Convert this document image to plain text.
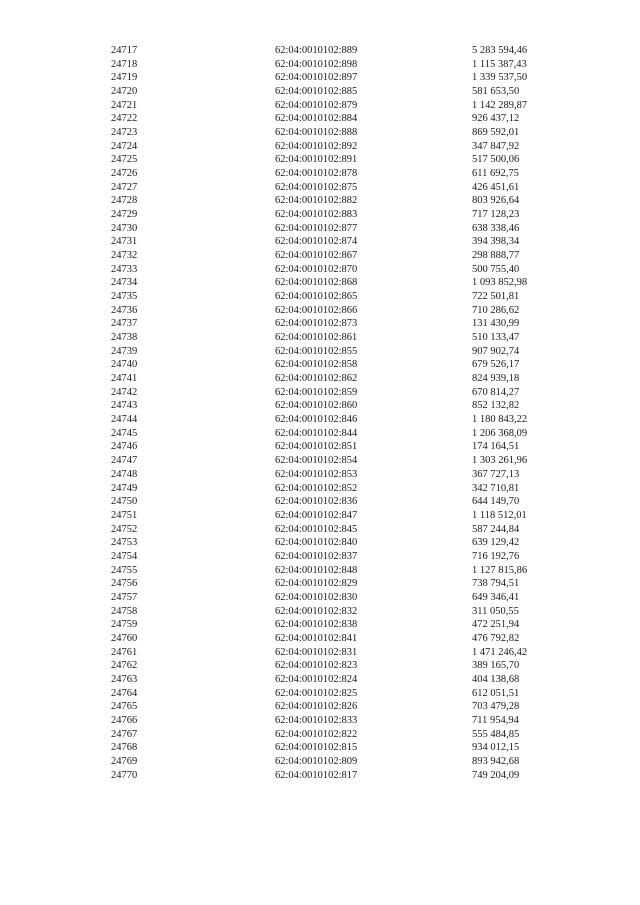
24717	62:04:0010102:889	5 283 594,46
24718	62:04:0010102:898	1 115 387,43
24719	62:04:0010102:897	1 339 537,50
24720	62:04:0010102:885	581 653,50
24721	62:04:0010102:879	1 142 289,87
24722	62:04:0010102:884	926 437,12
24723	62:04:0010102:888	869 592,01
24724	62:04:0010102:892	347 847,92
24725	62:04:0010102:891	517 500,06
24726	62:04:0010102:878	611 692,75
24727	62:04:0010102:875	426 451,61
24728	62:04:0010102:882	803 926,64
24729	62:04:0010102:883	717 128,23
24730	62:04:0010102:877	638 338,46
24731	62:04:0010102:874	394 398,34
24732	62:04:0010102:867	298 888,77
24733	62:04:0010102:870	500 755,40
24734	62:04:0010102:868	1 093 852,98
24735	62:04:0010102:865	722 501,81
24736	62:04:0010102:866	710 286,62
24737	62:04:0010102:873	131 430,99
24738	62:04:0010102:861	510 133,47
24739	62:04:0010102:855	907 902,74
24740	62:04:0010102:858	679 526,17
24741	62:04:0010102:862	824 939,18
24742	62:04:0010102:859	670 814,27
24743	62:04:0010102:860	852 132,82
24744	62:04:0010102:846	1 180 843,22
24745	62:04:0010102:844	1 206 368,09
24746	62:04:0010102:851	174 164,51
24747	62:04:0010102:854	1 303 261,96
24748	62:04:0010102:853	367 727,13
24749	62:04:0010102:852	342 710,81
24750	62:04:0010102:836	644 149,70
24751	62:04:0010102:847	1 118 512,01
24752	62:04:0010102:845	587 244,84
24753	62:04:0010102:840	639 129,42
24754	62:04:0010102:837	716 192,76
24755	62:04:0010102:848	1 127 815,86
24756	62:04:0010102:829	738 794,51
24757	62:04:0010102:830	649 346,41
24758	62:04:0010102:832	311 050,55
24759	62:04:0010102:838	472 251,94
24760	62:04:0010102:841	476 792,82
24761	62:04:0010102:831	1 471 246,42
24762	62:04:0010102:823	389 165,70
24763	62:04:0010102:824	404 138,68
24764	62:04:0010102:825	612 051,51
24765	62:04:0010102:826	703 479,28
24766	62:04:0010102:833	711 954,94
24767	62:04:0010102:822	555 484,85
24768	62:04:0010102:815	934 012,15
24769	62:04:0010102:809	893 942,68
24770	62:04:0010102:817	749 204,09
